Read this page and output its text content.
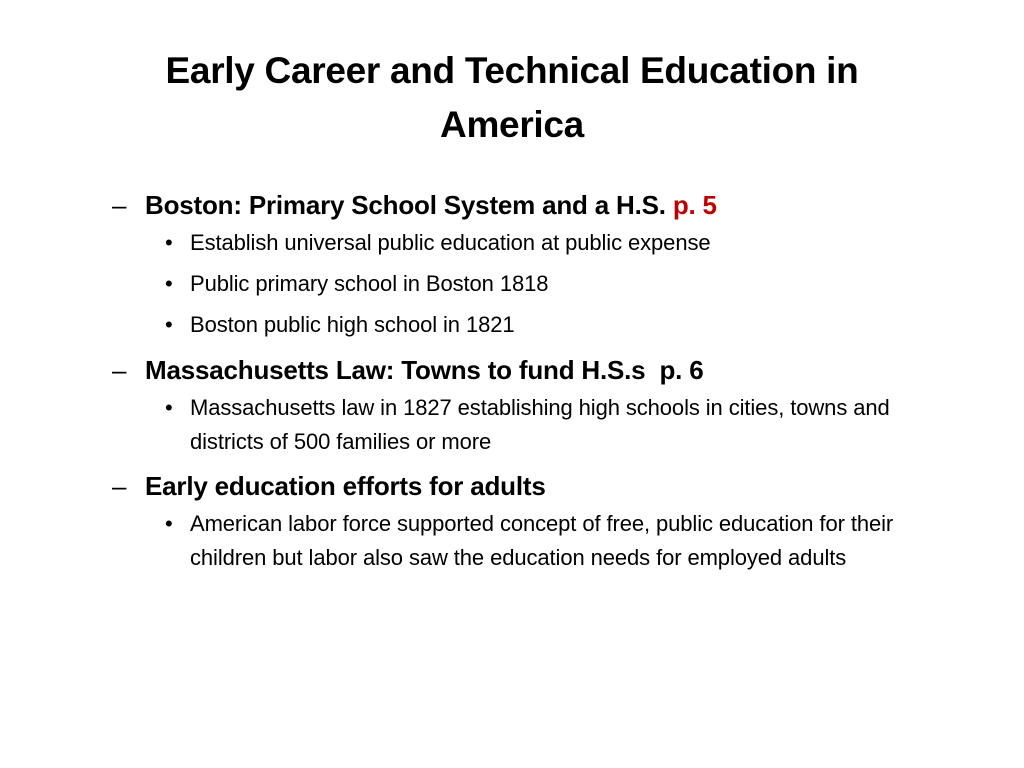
Early Career and Technical Education in America
– Boston: Primary School System and a H.S. p. 5
• Establish universal public education at public expense
• Public primary school in Boston 1818
• Boston public high school in 1821
– Massachusetts Law: Towns to fund H.S.s  p. 6
• Massachusetts law in 1827 establishing high schools in cities, towns and districts of 500 families or more
– Early education efforts for adults
• American labor force supported concept of free, public education for their children but labor also saw the education needs for employed adults
